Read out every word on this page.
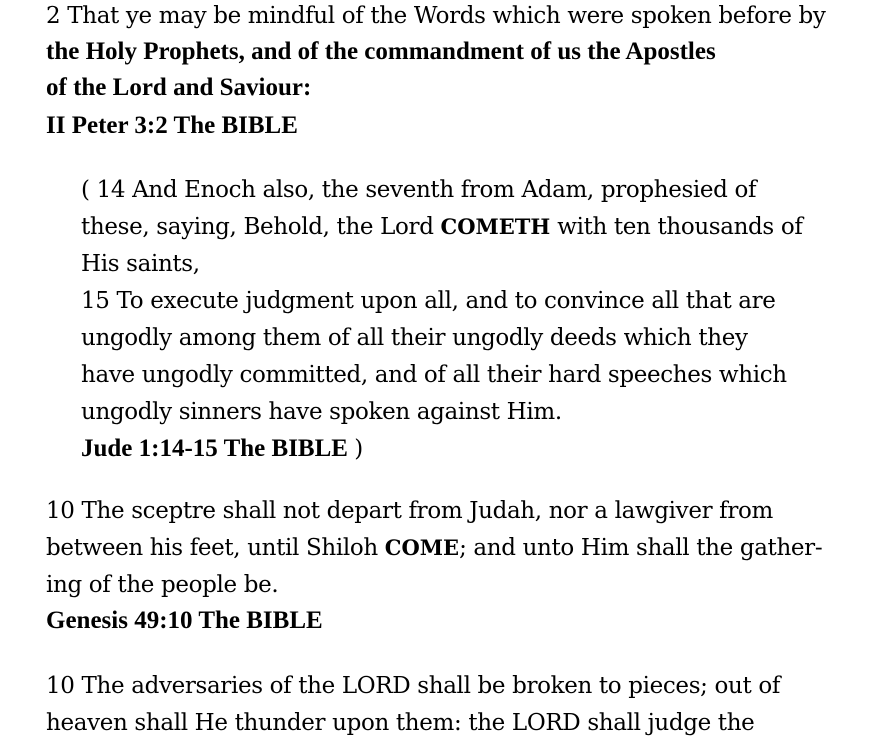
2 That ye may be mindful of the Words which were spoken before by
the Holy Prophets, and of the commandment of us the Apostles
of the Lord and Saviour:
II Peter 3:2 The BIBLE
( 14 And Enoch also, the seventh from Adam, prophesied of
these, saying, Behold, the Lord COMETH with ten thousands of
His saints,
15 To execute judgment upon all, and to convince all that are
ungodly among them of all their ungodly deeds which they
have ungodly committed, and of all their hard speeches which
ungodly sinners have spoken against Him.
Jude 1:14-15 The BIBLE )
10 The sceptre shall not depart from Judah, nor a lawgiver from
between his feet, until Shiloh COME; and unto Him shall the gather-
ing of the people be.
Genesis 49:10 The BIBLE
10 The adversaries of the LORD shall be broken to pieces; out of
heaven shall He thunder upon them: the LORD shall judge the
